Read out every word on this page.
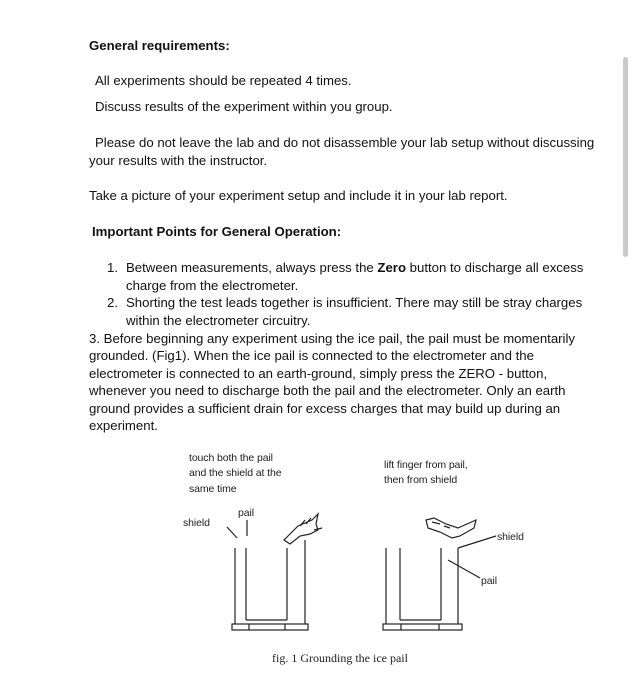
General requirements:
All experiments should be repeated 4 times.
Discuss results of the experiment within you group.
Please do not leave the lab and do not disassemble your lab setup without discussing
your results with the instructor.
Take a picture of your experiment setup and include it in your lab report.
Important Points for General Operation:
1. Between measurements, always press the Zero button to discharge all excess
charge from the electrometer.
2. Shorting the test leads together is insufficient. There may still be stray charges
within the electrometer circuitry.
3. Before beginning any experiment using the ice pail, the pail must be momentarily
grounded. (Fig1). When the ice pail is connected to the electrometer and the
electrometer is connected to an earth-ground, simply press the ZERO - button,
whenever you need to discharge both the pail and the electrometer. Only an earth
ground provides a sufficient drain for excess charges that may build up during an
experiment.
touch both the pail
and the shield at the
same time
lift finger from pail,
then from shield
pail
shield
shield
pail
fig. 1 Grounding the ice pail
